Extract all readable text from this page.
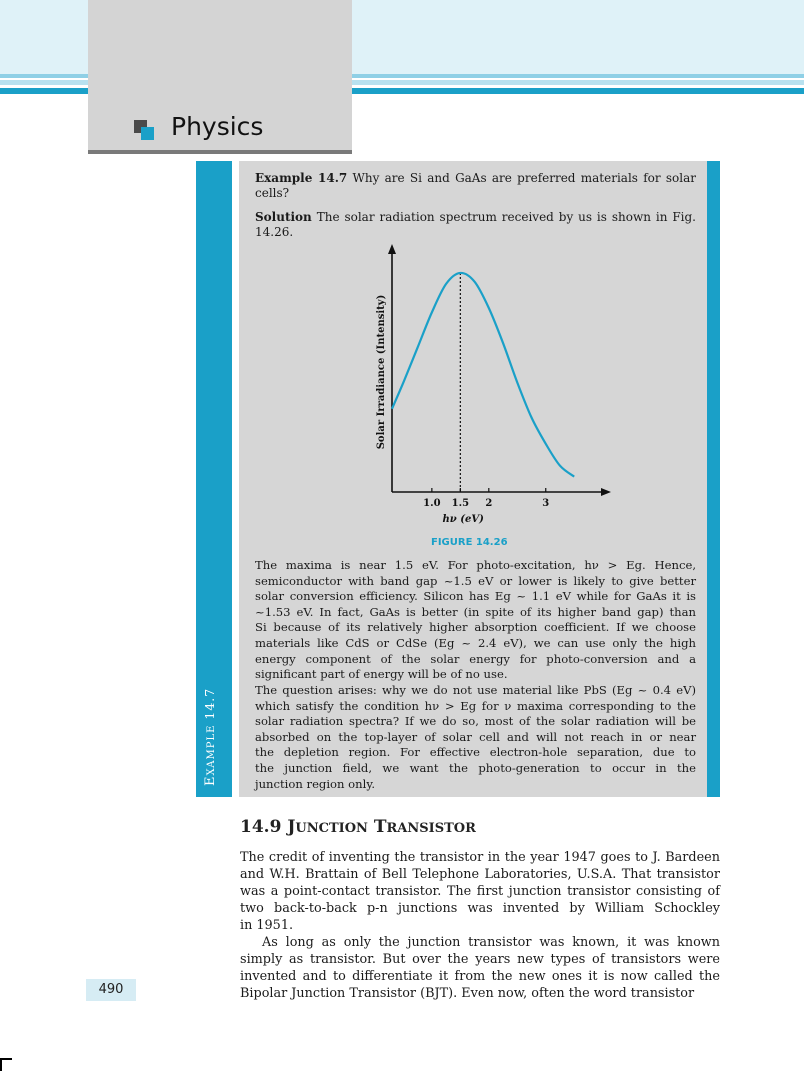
Physics
EXAMPLE 14.7

Example 14.7 Why are Si and GaAs are preferred materials for solar cells?

Solution The solar radiation spectrum received by us is shown in Fig. 14.26.

1.0 1.5 2	3
Solar Irradiance (Intensity)
hν (eV)
FIGURE 14.26
The maxima is near 1.5 eV. For photo-excitation, hν > Eg. Hence,
semiconductor with band gap ~1.5 eV or lower is likely to give better
solar conversion efficiency. Silicon has Eg ~ 1.1 eV while for GaAs it is
~1.53 eV. In fact, GaAs is better (in spite of its higher band gap) than
Si because of its relatively higher absorption coefficient. If we choose
materials like CdS or CdSe (Eg ~ 2.4 eV), we can use only the high
energy component of the solar energy for photo-conversion and a
significant part of energy will be of no use.
The question arises: why we do not use material like PbS (Eg ~ 0.4 eV)
which satisfy the condition hν > Eg for ν maxima corresponding to the
solar radiation spectra? If we do so, most of the solar radiation will be
absorbed on the top-layer of solar cell and will not reach in or near
the depletion region. For effective electron-hole separation, due to
the junction field, we want the photo-generation to occur in the
junction region only.
14.9 JUNCTION TRANSISTOR
The credit of inventing the transistor in the year 1947 goes to J. Bardeen
and W.H. Brattain of Bell Telephone Laboratories, U.S.A. That transistor
was a point-contact transistor. The first junction transistor consisting of
two back-to-back p-n junctions was invented by William Schockley
in 1951.
As long as only the junction transistor was known, it was known
simply as transistor. But over the years new types of transistors were
invented and to differentiate it from the new ones it is now called the
Bipolar Junction Transistor (BJT). Even now, often the word transistor
490
